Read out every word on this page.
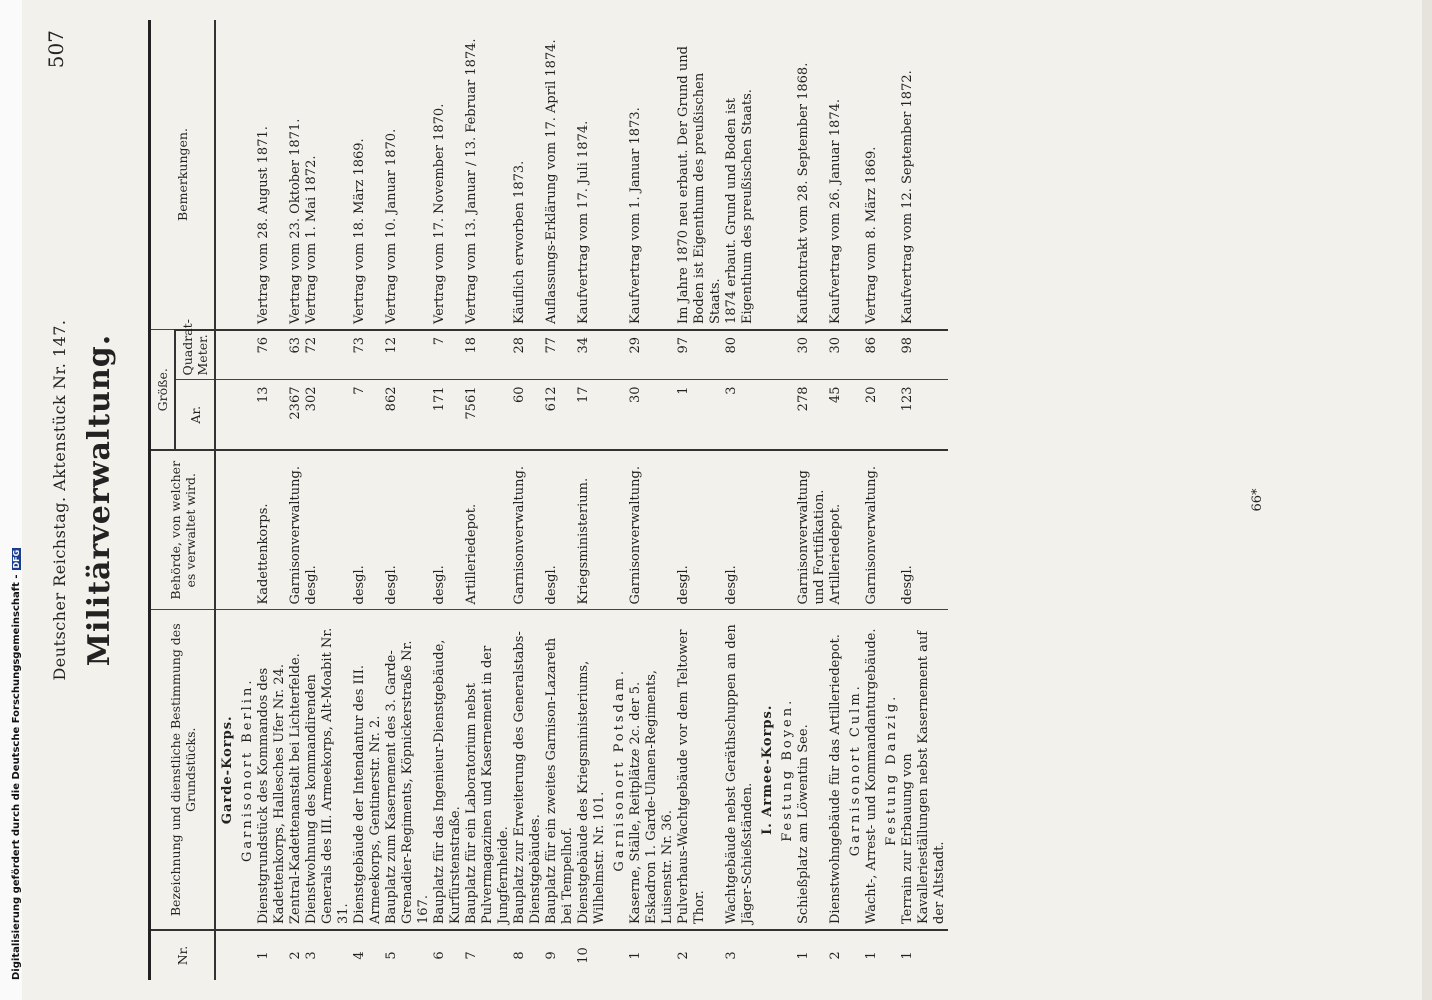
Digitalisierung gefördert durch die Deutsche Forschungsgemeinschaft -DFG Deutscher Reichstag. Aktenstück Nr. 147.
507
Militärverwaltung.
Nr.	Bezeichnung und dienstliche Bestimmung des Grundstücks.	Behörde, von welcher es verwaltet wird.	Größe.		Bemerkungen.
			Ar.	Quadrat-Meter.	
	Garde-Korps.				
	Garnisonort Berlin.				
1	Dienstgrundstück des Kommandos des Kadettenkorps, Hallesches Ufer Nr. 24.	Kadettenkorps.	13	76	Vertrag vom 28. August 1871.
2	Zentral-Kadettenanstalt bei Lichterfelde.	Garnisonverwaltung.	2367	63	Vertrag vom 23. Oktober 1871.
3	Dienstwohnung des kommandirenden Generals des III. Armeekorps, Alt-Moabit Nr. 31.	desgl.	302	72	Vertrag vom 1. Mai 1872.
4	Dienstgebäude der Intendantur des III. Armeekorps, Gentinerstr. Nr. 2.	desgl.	7	73	Vertrag vom 18. März 1869.
5	Bauplatz zum Kasernement des 3. Garde-Grenadier-Regiments, Köpnickerstraße Nr. 167.	desgl.	862	12	Vertrag vom 10. Januar 1870.
6	Bauplatz für das Ingenieur-Dienstgebäude, Kurfürstenstraße.	desgl.	171	7	Vertrag vom 17. November 1870.
7	Bauplatz für ein Laboratorium nebst Pulvermagazinen und Kasernement in der Jungfernheide.	Artilleriedepot.	7561	18	Vertrag vom 13. Januar / 13. Februar 1874.
8	Bauplatz zur Erweiterung des Generalstabs-Dienstgebäudes.	Garnisonverwaltung.	60	28	Käuflich erworben 1873.
9	Bauplatz für ein zweites Garnison-Lazareth bei Tempelhof.	desgl.	612	77	Auflassungs-Erklärung vom 17. April 1874.
10	Dienstgebäude des Kriegsministeriums, Wilhelmstr. Nr. 101.	Kriegsministerium.	17	34	Kaufvertrag vom 17. Juli 1874.
	Garnisonort Potsdam.				
1	Kaserne, Ställe, Reitplätze 2c. der 5. Eskadron 1. Garde-Ulanen-Regiments, Luisenstr. Nr. 36.	Garnisonverwaltung.	30	29	Kaufvertrag vom 1. Januar 1873.
2	Pulverhaus-Wachtgebäude vor dem Teltower Thor.	desgl.	1	97	Im Jahre 1870 neu erbaut. Der Grund und Boden ist Eigenthum des preußischen Staats.
3	Wachtgebäude nebst Geräthschuppen an den Jäger-Schießständen.	desgl.	3	80	1874 erbaut. Grund und Boden ist Eigenthum des preußischen Staats.
	I. Armee-Korps.				
	Festung Boyen.				
1	Schießplatz am Löwentin See.	Garnisonverwaltung und Fortifikation.	278	30	Kaufkontrakt vom 28. September 1868.
2	Dienstwohngebäude für das Artilleriedepot.	Artilleriedepot.	45	30	Kaufvertrag vom 26. Januar 1874.
	Garnisonort Culm.				
1	Wacht-, Arrest- und Kommandanturgebäude.	Garnisonverwaltung.	20	86	Vertrag vom 8. März 1869.
	Festung Danzig.				
1	Terrain zur Erbauung von Kavallerieställungen nebst Kasernement auf der Altstadt.	desgl.	123	98	Kaufvertrag vom 12. September 1872.
66*
